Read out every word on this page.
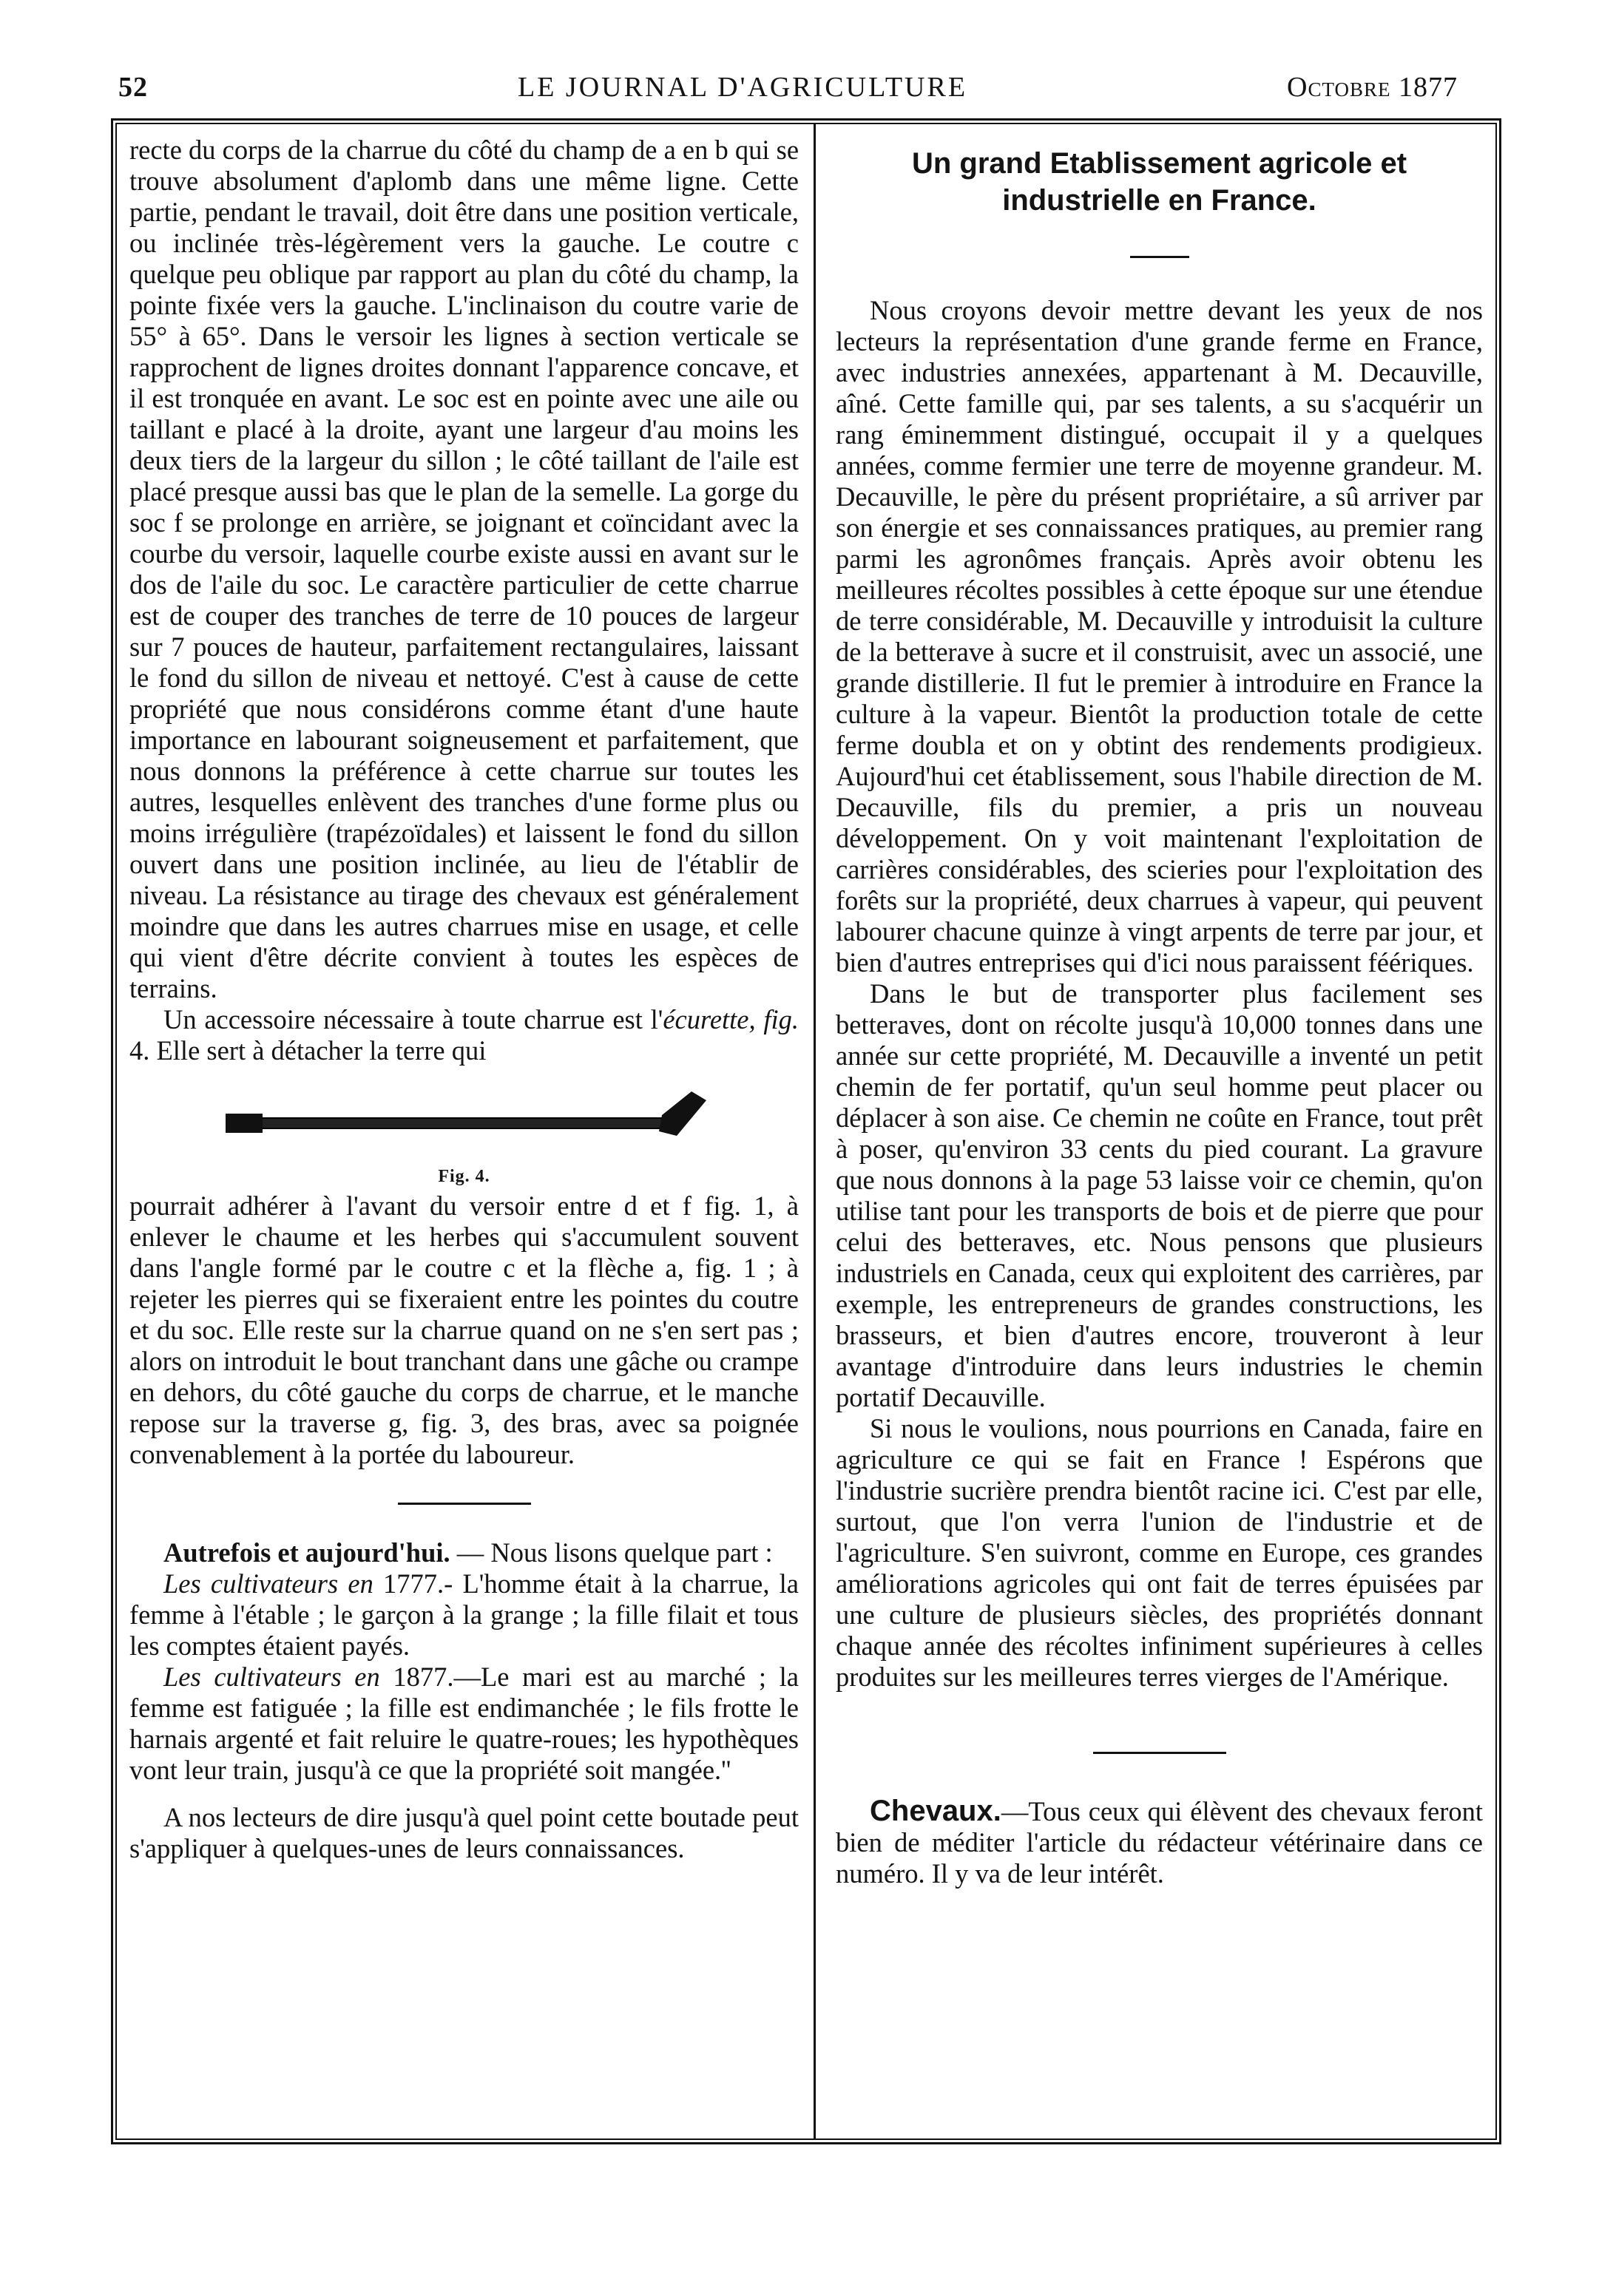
52	LE JOURNAL D'AGRICULTURE	Octobre 1877

recte du corps de la charrue du côté du champ de a en b qui se trouve absolument d'aplomb dans une même ligne. Cette partie, pendant le travail, doit être dans une position verticale, ou inclinée très-légèrement vers la gauche. Le coutre c quelque peu oblique par rapport au plan du côté du champ, la pointe fixée vers la gauche. L'inclinaison du coutre varie de 55° à 65°. Dans le versoir les lignes à section verticale se rapprochent de lignes droites donnant l'apparence concave, et il est tronquée en avant. Le soc est en pointe avec une aile ou taillant e placé à la droite, ayant une largeur d'au moins les deux tiers de la largeur du sillon ; le côté taillant de l'aile est placé presque aussi bas que le plan de la semelle. La gorge du soc f se prolonge en arrière, se joignant et coïncidant avec la courbe du versoir, laquelle courbe existe aussi en avant sur le dos de l'aile du soc. Le caractère particulier de cette charrue est de couper des tranches de terre de 10 pouces de largeur sur 7 pouces de hauteur, parfaitement rectangulaires, laissant le fond du sillon de niveau et nettoyé. C'est à cause de cette propriété que nous considérons comme étant d'une haute importance en labourant soigneusement et parfaitement, que nous donnons la préférence à cette charrue sur toutes les autres, lesquelles enlèvent des tranches d'une forme plus ou moins irrégulière (trapézoïdales) et laissent le fond du sillon ouvert dans une position inclinée, au lieu de l'établir de niveau. La résistance au tirage des chevaux est généralement moindre que dans les autres charrues mise en usage, et celle qui vient d'être décrite convient à toutes les espèces de terrains.

Un accessoire nécessaire à toute charrue est l'écurette, fig. 4. Elle sert à détacher la terre qui

Fig. 4.

pourrait adhérer à l'avant du versoir entre d et f fig. 1, à enlever le chaume et les herbes qui s'accumulent souvent dans l'angle formé par le coutre c et la flèche a, fig. 1 ; à rejeter les pierres qui se fixeraient entre les pointes du coutre et du soc. Elle reste sur la charrue quand on ne s'en sert pas ; alors on introduit le bout tranchant dans une gâche ou crampe en dehors, du côté gauche du corps de charrue, et le manche repose sur la traverse g, fig. 3, des bras, avec sa poignée convenablement à la portée du laboureur.

Autrefois et aujourd'hui. — Nous lisons quelque part :

Les cultivateurs en 1777.- L'homme était à la charrue, la femme à l'étable ; le garçon à la grange ; la fille filait et tous les comptes étaient payés.

Les cultivateurs en 1877.—Le mari est au marché ; la femme est fatiguée ; la fille est endimanchée ; le fils frotte le harnais argenté et fait reluire le quatre-roues; les hypothèques vont leur train, jusqu'à ce que la propriété soit mangée.''

A nos lecteurs de dire jusqu'à quel point cette boutade peut s'appliquer à quelques-unes de leurs connaissances.

Un grand Etablissement agricole et industrielle en France.

Nous croyons devoir mettre devant les yeux de nos lecteurs la représentation d'une grande ferme en France, avec industries annexées, appartenant à M. Decauville, aîné. Cette famille qui, par ses talents, a su s'acquérir un rang éminemment distingué, occupait il y a quelques années, comme fermier une terre de moyenne grandeur. M. Decauville, le père du présent propriétaire, a sû arriver par son énergie et ses connaissances pratiques, au premier rang parmi les agronômes français. Après avoir obtenu les meilleures récoltes possibles à cette époque sur une étendue de terre considérable, M. Decauville y introduisit la culture de la betterave à sucre et il construisit, avec un associé, une grande distillerie. Il fut le premier à introduire en France la culture à la vapeur. Bientôt la production totale de cette ferme doubla et on y obtint des rendements prodigieux. Aujourd'hui cet établissement, sous l'habile direction de M. Decauville, fils du premier, a pris un nouveau développement. On y voit maintenant l'exploitation de carrières considérables, des scieries pour l'exploitation des forêts sur la propriété, deux charrues à vapeur, qui peuvent labourer chacune quinze à vingt arpents de terre par jour, et bien d'autres entreprises qui d'ici nous paraissent féériques.

Dans le but de transporter plus facilement ses betteraves, dont on récolte jusqu'à 10,000 tonnes dans une année sur cette propriété, M. Decauville a inventé un petit chemin de fer portatif, qu'un seul homme peut placer ou déplacer à son aise. Ce chemin ne coûte en France, tout prêt à poser, qu'environ 33 cents du pied courant. La gravure que nous donnons à la page 53 laisse voir ce chemin, qu'on utilise tant pour les transports de bois et de pierre que pour celui des betteraves, etc. Nous pensons que plusieurs industriels en Canada, ceux qui exploitent des carrières, par exemple, les entrepreneurs de grandes constructions, les brasseurs, et bien d'autres encore, trouveront à leur avantage d'introduire dans leurs industries le chemin portatif Decauville.

Si nous le voulions, nous pourrions en Canada, faire en agriculture ce qui se fait en France ! Espérons que l'industrie sucrière prendra bientôt racine ici. C'est par elle, surtout, que l'on verra l'union de l'industrie et de l'agriculture. S'en suivront, comme en Europe, ces grandes améliorations agricoles qui ont fait de terres épuisées par une culture de plusieurs siècles, des propriétés donnant chaque année des récoltes infiniment supérieures à celles produites sur les meilleures terres vierges de l'Amérique.

Chevaux.—Tous ceux qui élèvent des chevaux feront bien de méditer l'article du rédacteur vétérinaire dans ce numéro. Il y va de leur intérêt.
